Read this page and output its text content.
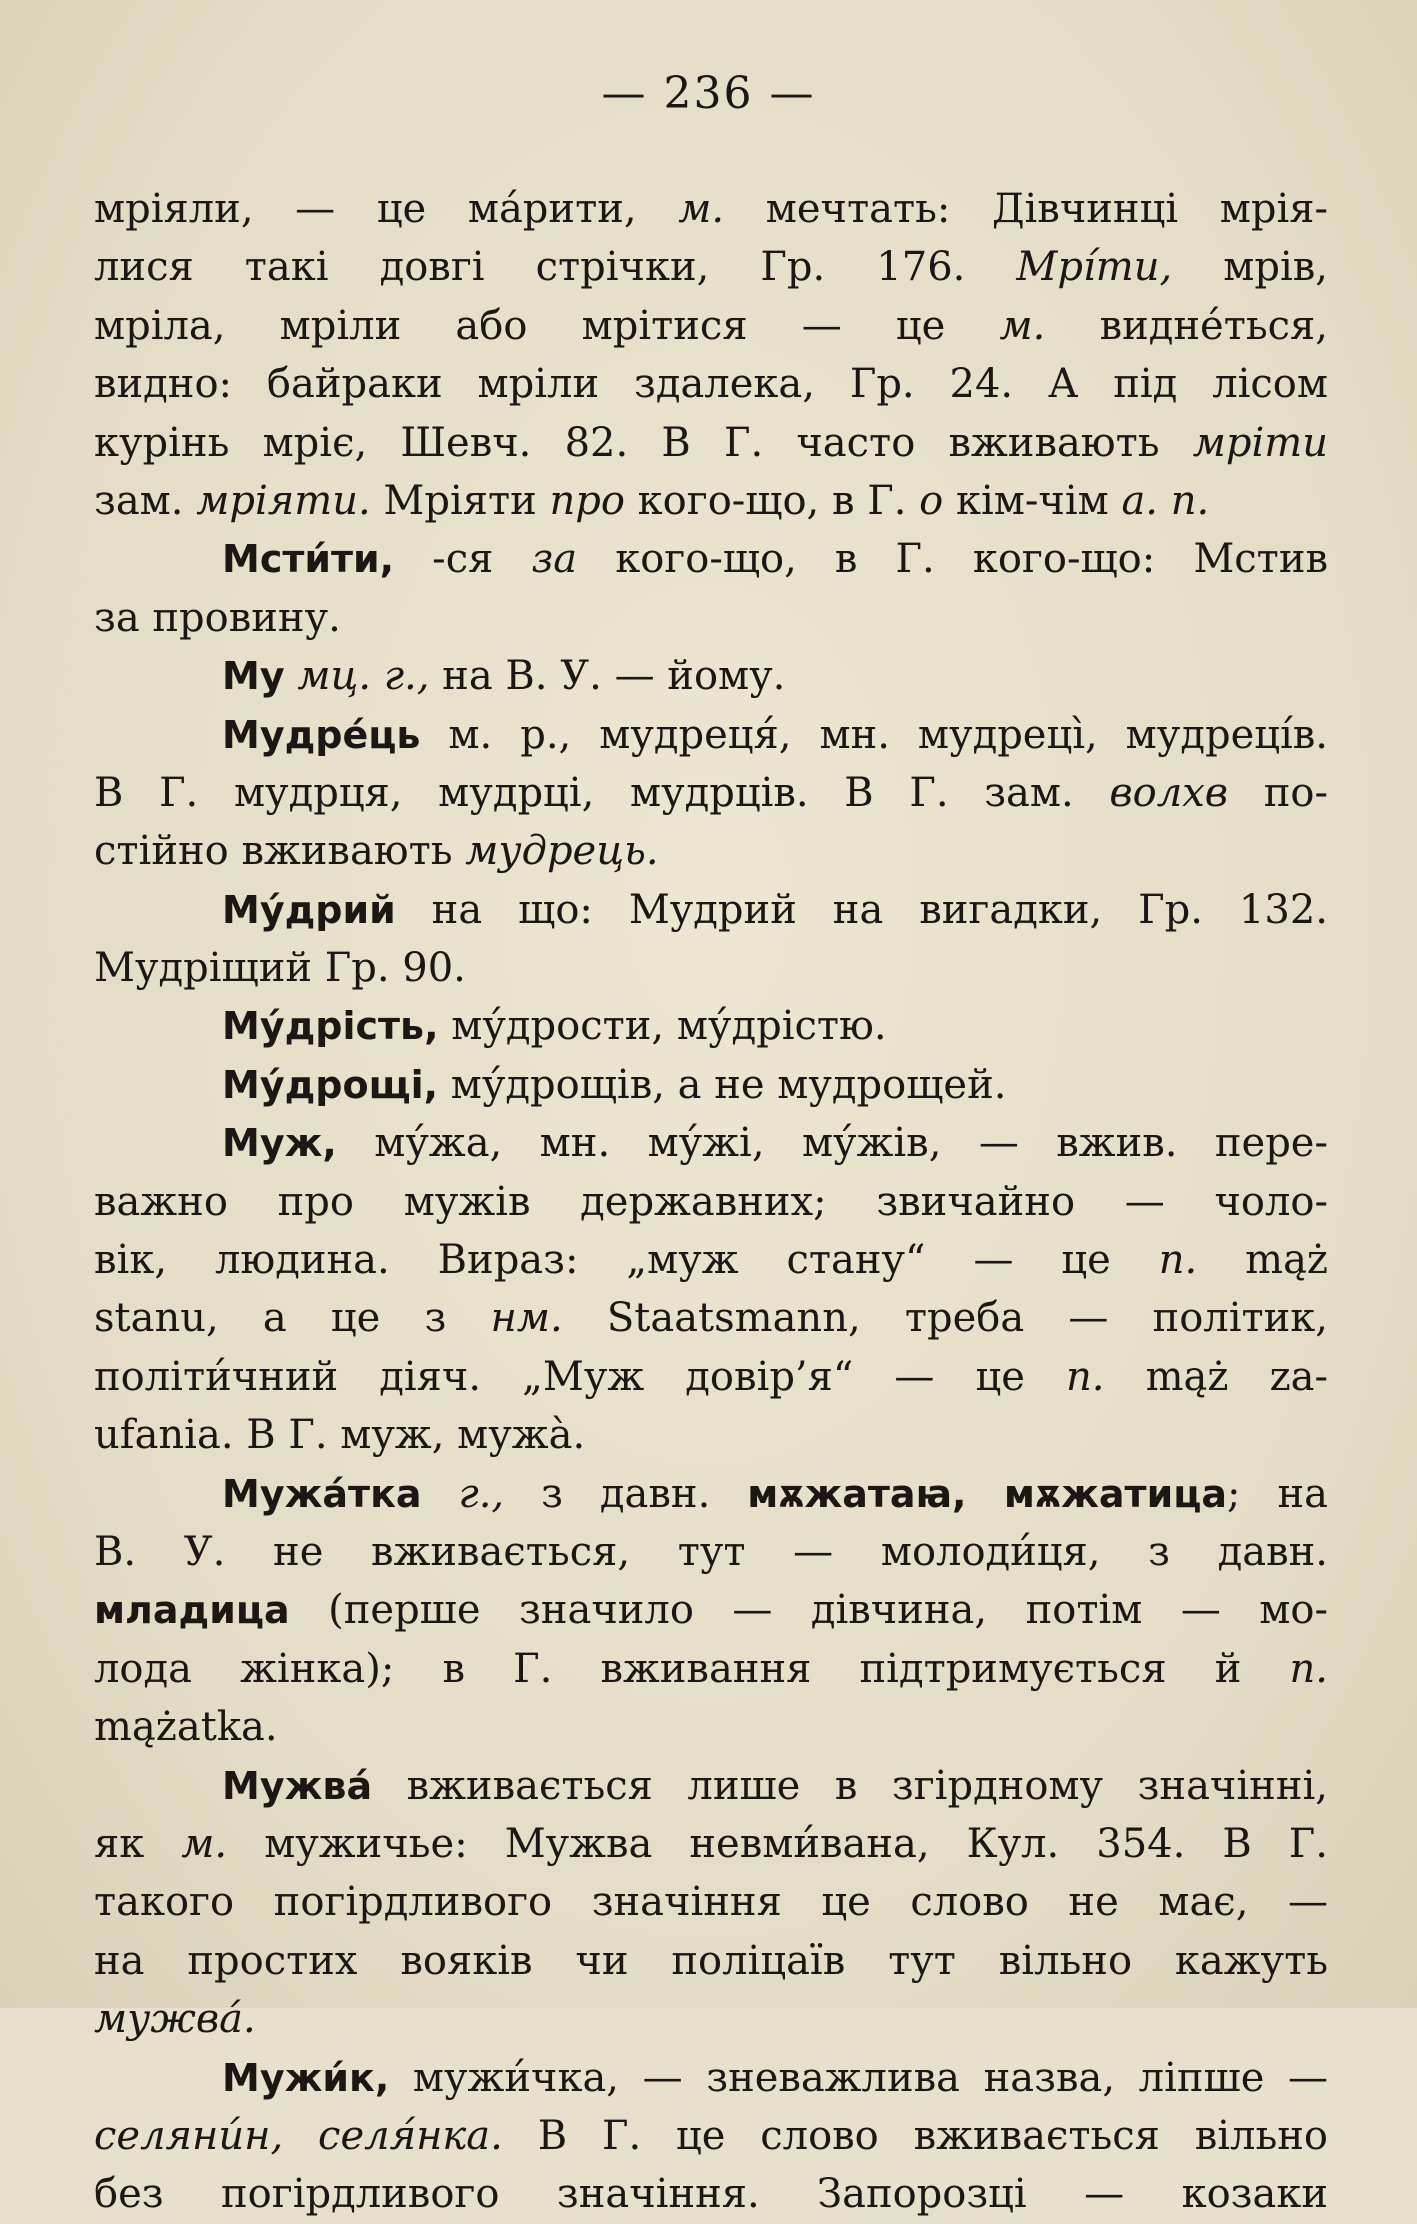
— 236 —
мріяли, — це ма́рити, м. мечтать: Дівчинці мрія-
лися такі довгі стрічки, Гр. 176. Мрі́ти, мрів,
мріла, мріли або мрітися — це м. видне́ться,
видно: байраки мріли здалека, Гр. 24. А під лісом
курінь мріє, Шевч. 82. В Г. часто вживають мріти
зам. мріяти. Мріяти про кого-що, в Г. о кім-чім а. п.
Мсти́ти, -ся за кого-що, в Г. кого-що: Мстив
за провину.
Му мц. г., на В. У. — йому.
Мудре́ць м. р., мудреця́, мн. мудреці̀, мудреці́в.
В Г. мудрця, мудрці, мудрців. В Г. зам. волхв по-
стійно вживають мудрець.
Му́дрий на що: Мудрий на вигадки, Гр. 132.
Мудріщий Гр. 90.
Му́дрість, му́дрости, му́дрістю.
Му́дрощі, му́дрощів, а не мудрощей.
Муж, му́жа, мн. му́жі, му́жів, — вжив. пере-
важно про мужів державних; звичайно — чоло-
вік, людина. Вираз: „муж стану“ — це п. mąż
stanu, а це з нм. Staatsmann, треба — політик,
політи́чний діяч. „Муж довір’я“ — це п. mąż za-
ufania. В Г. муж, мужа̀.
Мужа́тка г., з давн. мѫжатаꙗ, мѫжатица; на
В. У. не вживається, тут — молоди́ця, з давн.
младица (перше значило — дівчина, потім — мо-
лода жінка); в Г. вживання підтримується й п.
mążatka.
Мужва́ вживається лише в згірдному значінні,
як м. мужичье: Мужва невми́вана, Кул. 354. В Г.
такого погірдливого значіння це слово не має, —
на простих вояків чи поліцаїв тут вільно кажуть
мужва́.
Мужи́к, мужи́чка, — зневажлива назва, ліпше —
селяни́н, селя́нка. В Г. це слово вживається вільно
без погірдливого значіння. Запорозці — козаки
